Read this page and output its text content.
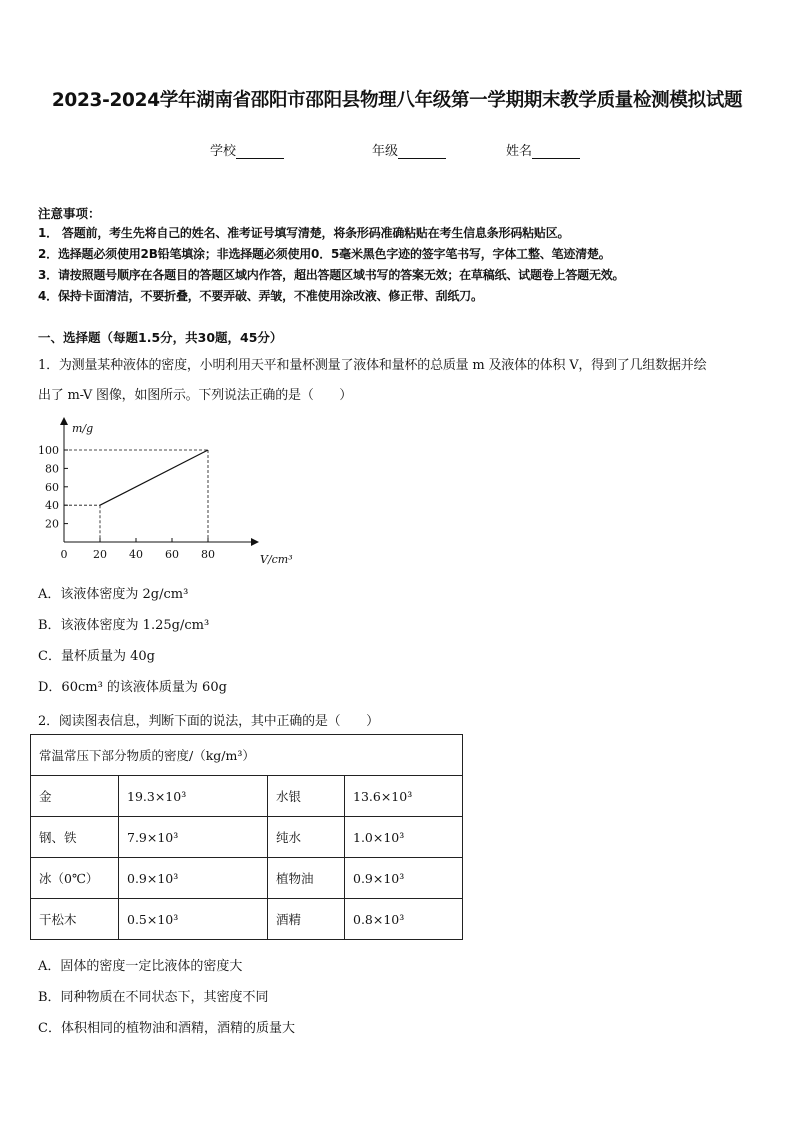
2023-2024学年湖南省邵阳市邵阳县物理八年级第一学期期末教学质量检测模拟试题
学校	年级	姓名
注意事项：
1． 答题前，考生先将自己的姓名、准考证号填写清楚，将条形码准确粘贴在考生信息条形码粘贴区。
2．选择题必须使用2B铅笔填涂；非选择题必须使用0．5毫米黑色字迹的签字笔书写，字体工整、笔迹清楚。
3．请按照题号顺序在各题目的答题区域内作答，超出答题区域书写的答案无效；在草稿纸、试题卷上答题无效。
4．保持卡面清洁，不要折叠，不要弄破、弄皱，不准使用涂改液、修正带、刮纸刀。
一、选择题（每题1.5分，共30题，45分）
1．为测量某种液体的密度，小明利用天平和量杯测量了液体和量杯的总质量 m 及液体的体积 V，得到了几组数据并绘
出了 m-V 图像，如图所示。下列说法正确的是（　　）
m/g
V/cm³
20
40
60
80
100
0 20 40 60 80
A．该液体密度为 2g/cm³
B．该液体密度为 1.25g/cm³
C．量杯质量为 40g
D．60cm³ 的该液体质量为 60g
2．阅读图表信息，判断下面的说法，其中正确的是（　　）
常温常压下部分物质的密度/（kg/m³）			
金	19.3×10³	水银	13.6×10³
钢、铁	7.9×10³	纯水	1.0×10³
冰（0℃）	0.9×10³	植物油	0.9×10³
干松木	0.5×10³	酒精	0.8×10³
A．固体的密度一定比液体的密度大
B．同种物质在不同状态下，其密度不同
C．体积相同的植物油和酒精，酒精的质量大
